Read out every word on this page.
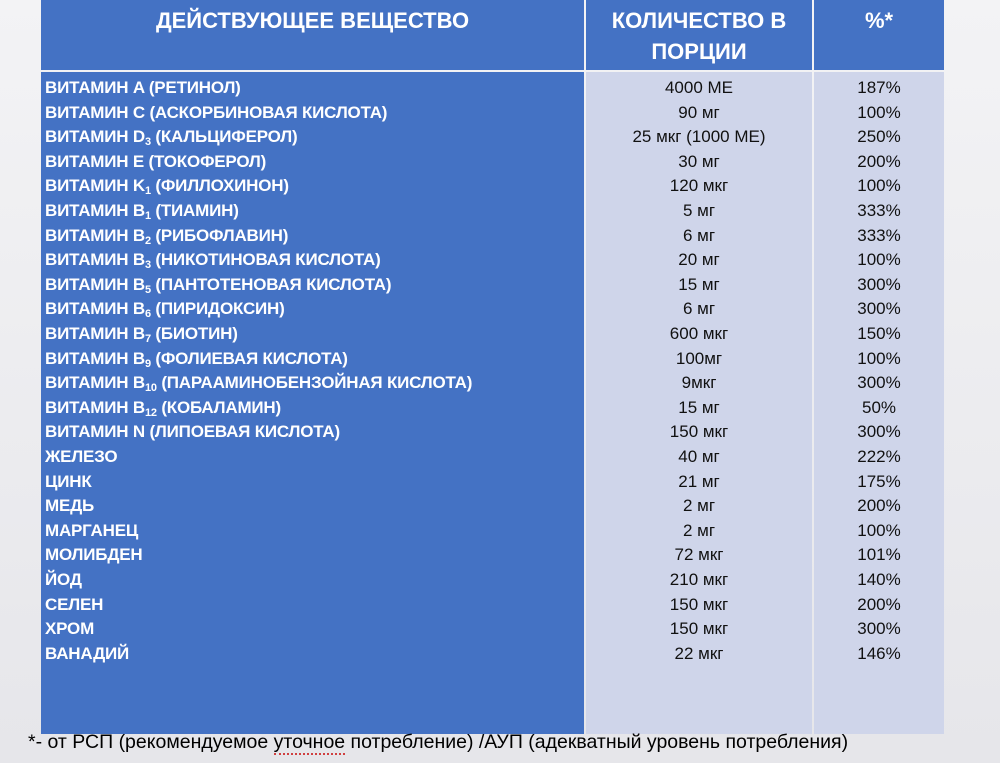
ДЕЙСТВУЮЩЕЕ ВЕЩЕСТВО	КОЛИЧЕСТВО В ПОРЦИИ
%*
ВИТАМИН A (РЕТИНОЛ)
ВИТАМИН C (АСКОРБИНОВАЯ КИСЛОТА)
ВИТАМИН $D_3$ (КАЛЬЦИФЕРОЛ)
ВИТАМИН E (ТОКОФЕРОЛ)
ВИТАМИН $K_1$ (ФИЛЛОХИНОН)
ВИТАМИН $B_1$ (ТИАМИН)
ВИТАМИН $B_2$ (РИБОФЛАВИН)
ВИТАМИН $B_3$ (НИКОТИНОВАЯ КИСЛОТА)
ВИТАМИН $B_5$ (ПАНТОТЕНОВАЯ КИСЛОТА)
ВИТАМИН $B_6$ (ПИРИДОКСИН)
ВИТАМИН $B_7$ (БИОТИН)
ВИТАМИН $B_9$ (ФОЛИЕВАЯ КИСЛОТА)
ВИТАМИН $B_{10}$ (ПАРААМИНОБЕНЗОЙНАЯ КИСЛОТА)
ВИТАМИН $B_{12}$ (КОБАЛАМИН)
ВИТАМИН N (ЛИПОЕВАЯ КИСЛОТА)
ЖЕЛЕЗО
ЦИНК
МЕДЬ
МАРГАНЕЦ
МОЛИБДЕН
ЙОД
СЕЛЕН
ХРОМ
ВАНАДИЙ
4000 МЕ
90 мг
25 мкг (1000 МЕ)
30 мг
120 мкг
5 мг
6 мг
20 мг
15 мг
6 мг
600 мкг
100мг
9мкг
15 мг
150 мкг
40 мг
21 мг
2 мг
2 мг
72 мкг
210 мкг
150 мкг
150 мкг
22 мкг
187%
100%
250%
200%
100%
333%
333%
100%
300%
300%
150%
100%
300%
50%
300%
222%
175%
200%
100%
101%
140%
200%
300%
146%
*- от РСП (рекомендуемое уточное потребление) /АУП (адекватный уровень потребления)
